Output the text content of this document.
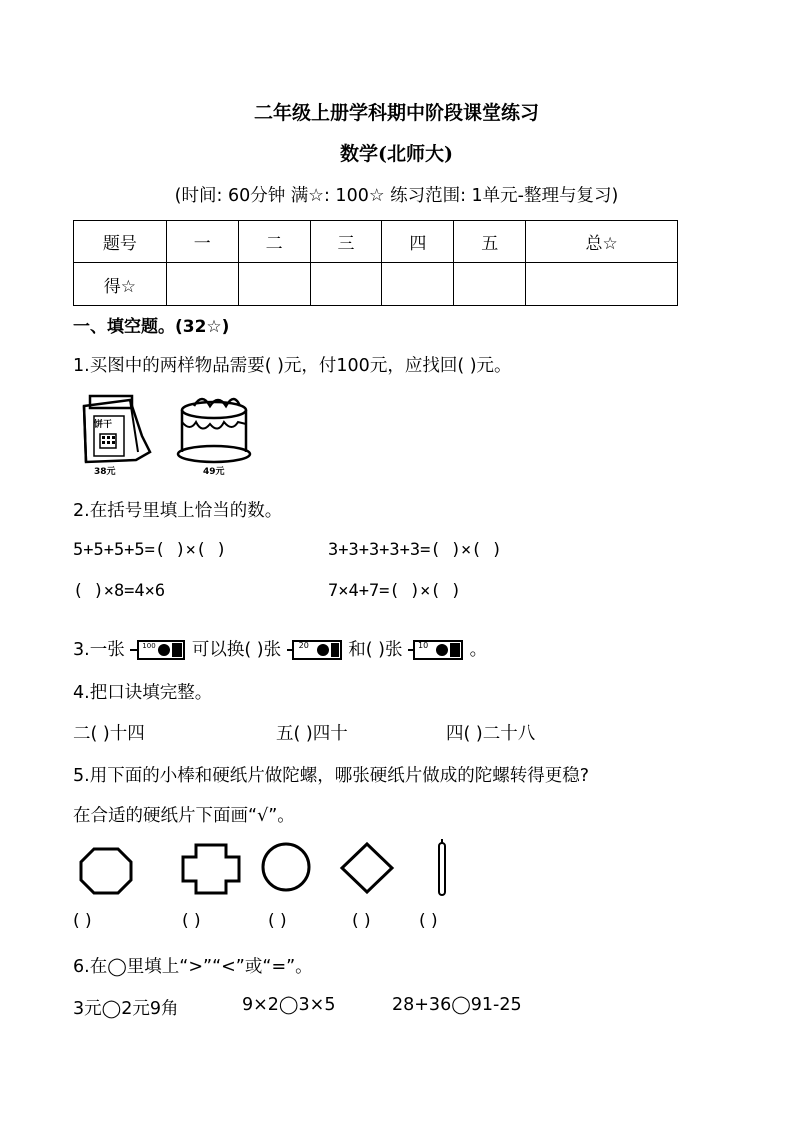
二年级上册学科期中阶段课堂练习
数学(北师大)
(时间: 60分钟 满☆: 100☆ 练习范围: 1单元-整理与复习)
题号	一	二	三	四	五	总☆
得☆						
一、填空题。(32☆)
1.买图中的两样物品需要( )元，付100元，应找回( )元。
饼干
38元	49元
2.在括号里填上恰当的数。
5+5+5+5=( )×( )	3+3+3+3+3=( )×( )
( )×8=4×6	7×4+7=( )×( )
3.一张	100 可以换( )张 20 和( )张 10 。
4.把口诀填完整。
二( )十四	五( )四十	四( )二十八
5.用下面的小棒和硬纸片做陀螺，哪张硬纸片做成的陀螺转得更稳?
在合适的硬纸片下面画“√”。
( )	( )	( )	( )	( )
6.在◯里填上“>”“<”或“=”。
3元◯2元9角	9×2◯3×5	28+36◯91-25
